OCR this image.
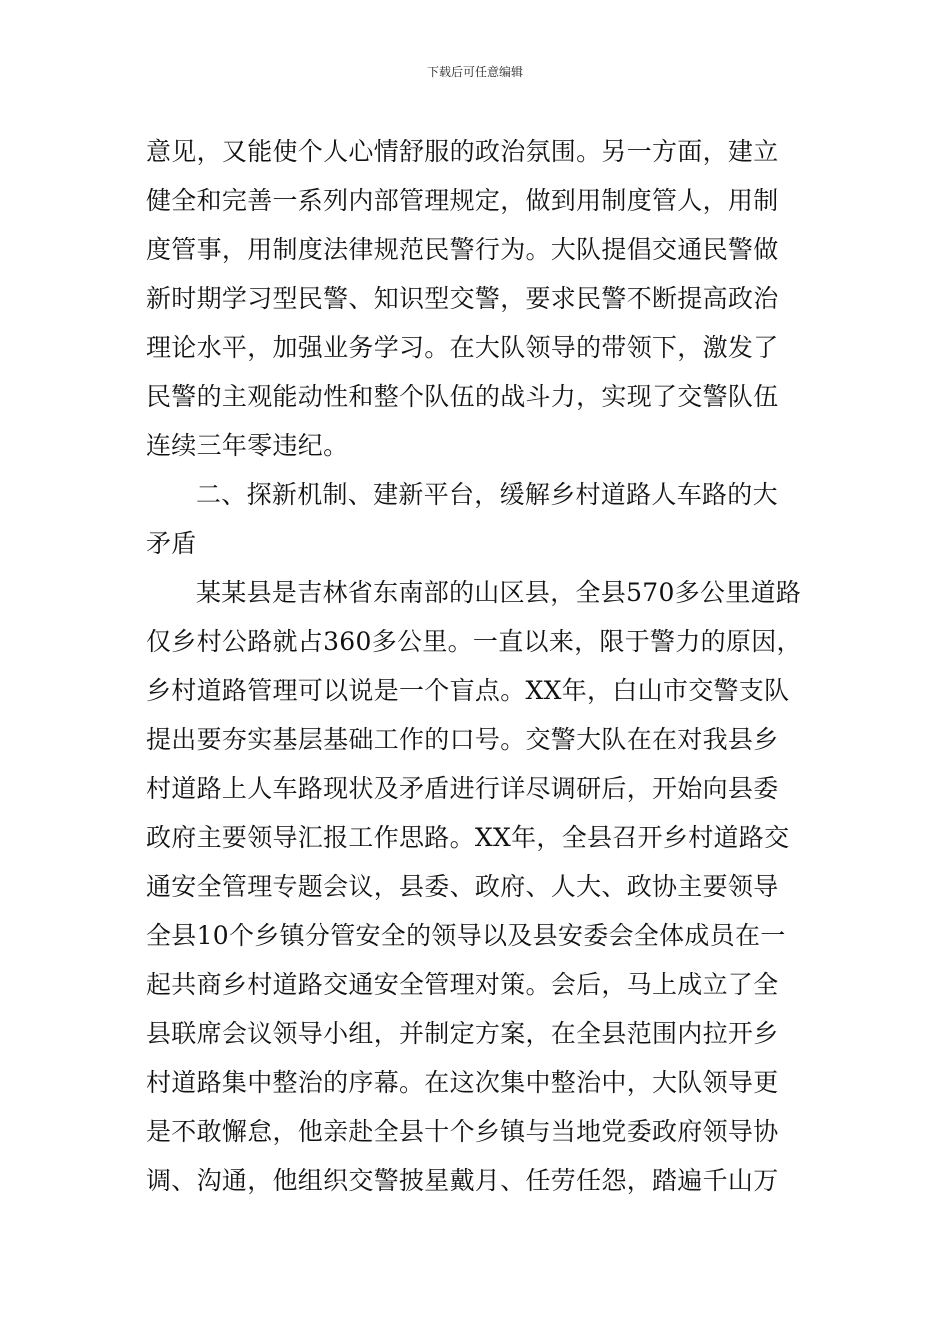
下载后可任意编辑
意见，又能使个人心情舒服的政治氛围。另一方面，建立
健全和完善一系列内部管理规定，做到用制度管人，用制
度管事，用制度法律规范民警行为。大队提倡交通民警做
新时期学习型民警、知识型交警，要求民警不断提高政治
理论水平，加强业务学习。在大队领导的带领下，激发了
民警的主观能动性和整个队伍的战斗力，实现了交警队伍
连续三年零违纪。
二、探新机制、建新平台，缓解乡村道路人车路的大
矛盾
某某县是吉林省东南部的山区县，全县570多公里道路
仅乡村公路就占360多公里。一直以来，限于警力的原因，
乡村道路管理可以说是一个盲点。XX年，白山市交警支队
提出要夯实基层基础工作的口号。交警大队在在对我县乡
村道路上人车路现状及矛盾进行详尽调研后，开始向县委
政府主要领导汇报工作思路。XX年，全县召开乡村道路交
通安全管理专题会议，县委、政府、人大、政协主要领导
全县10个乡镇分管安全的领导以及县安委会全体成员在一
起共商乡村道路交通安全管理对策。会后，马上成立了全
县联席会议领导小组，并制定方案，在全县范围内拉开乡
村道路集中整治的序幕。在这次集中整治中，大队领导更
是不敢懈怠，他亲赴全县十个乡镇与当地党委政府领导协
调、沟通，他组织交警披星戴月、任劳任怨，踏遍千山万
